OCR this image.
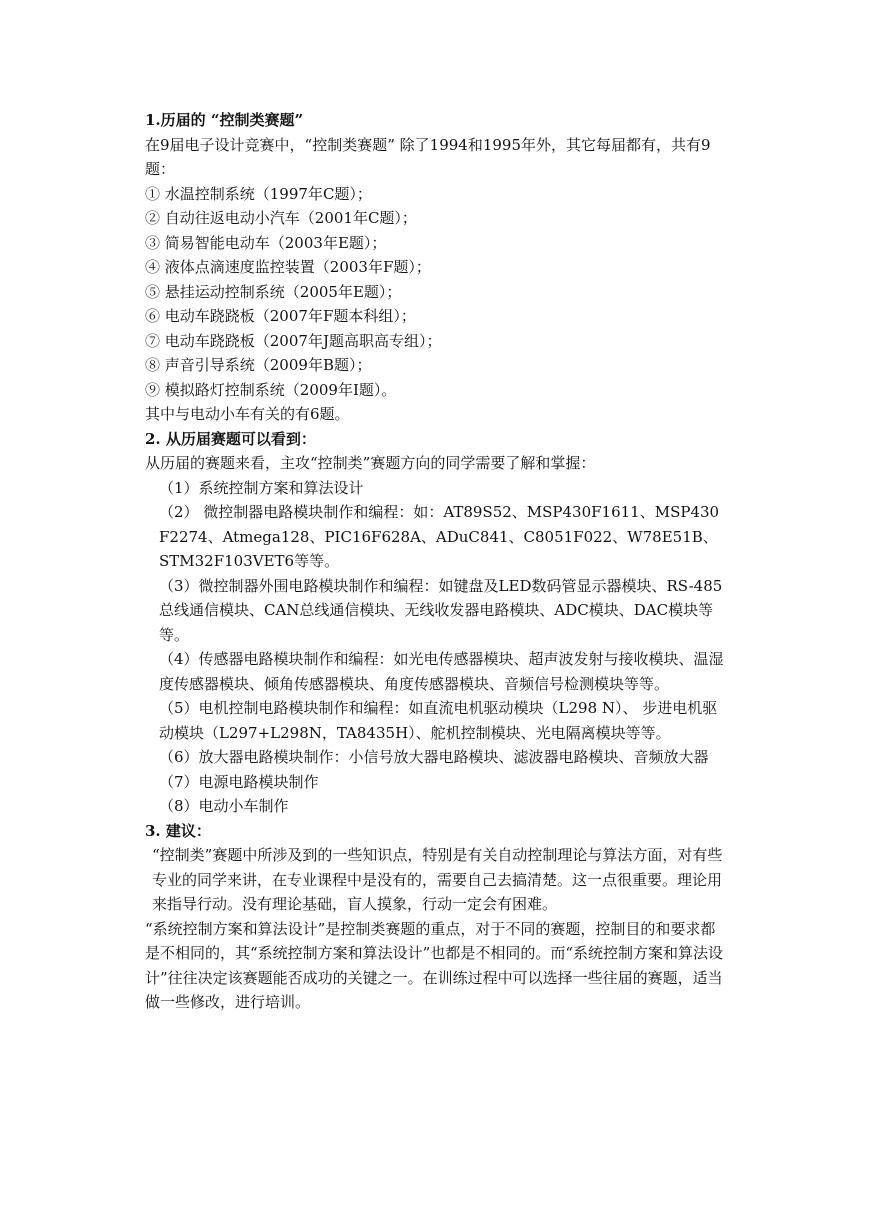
1.历届的 “控制类赛题”
在9届电子设计竞赛中，“控制类赛题” 除了1994和1995年外，其它每届都有，共有9题：
① 水温控制系统（1997年C题）；
② 自动往返电动小汽车（2001年C题）；
③ 简易智能电动车（2003年E题）；
④ 液体点滴速度监控装置（2003年F题）；
⑤ 悬挂运动控制系统（2005年E题）；
⑥ 电动车跷跷板（2007年F题本科组）；
⑦ 电动车跷跷板（2007年J题高职高专组）；
⑧ 声音引导系统（2009年B题）；
⑨ 模拟路灯控制系统（2009年I题）。
其中与电动小车有关的有6题。
2. 从历届赛题可以看到：
从历届的赛题来看，主攻“控制类”赛题方向的同学需要了解和掌握：
（1）系统控制方案和算法设计
（2） 微控制器电路模块制作和编程：如：AT89S52、MSP430F1611、MSP430F2274、Atmega128、PIC16F628A、ADuC841、C8051F022、W78E51B、STM32F103VET6等等。
（3）微控制器外围电路模块制作和编程：如键盘及LED数码管显示器模块、RS-485总线通信模块、CAN总线通信模块、无线收发器电路模块、ADC模块、DAC模块等等。
（4）传感器电路模块制作和编程：如光电传感器模块、超声波发射与接收模块、温湿度传感器模块、倾角传感器模块、角度传感器模块、音频信号检测模块等等。
（5）电机控制电路模块制作和编程：如直流电机驱动模块（L298 N）、 步进电机驱动模块（L297+L298N，TA8435H）、舵机控制模块、光电隔离模块等等。
（6）放大器电路模块制作：小信号放大器电路模块、滤波器电路模块、音频放大器
（7）电源电路模块制作
（8）电动小车制作
3. 建议：
“控制类”赛题中所涉及到的一些知识点，特别是有关自动控制理论与算法方面，对有些专业的同学来讲，在专业课程中是没有的，需要自己去搞清楚。这一点很重要。理论用来指导行动。没有理论基础，盲人摸象，行动一定会有困难。
“系统控制方案和算法设计”是控制类赛题的重点，对于不同的赛题，控制目的和要求都是不相同的，其“系统控制方案和算法设计”也都是不相同的。而“系统控制方案和算法设计”往往决定该赛题能否成功的关键之一。在训练过程中可以选择一些往届的赛题，适当做一些修改，进行培训。
